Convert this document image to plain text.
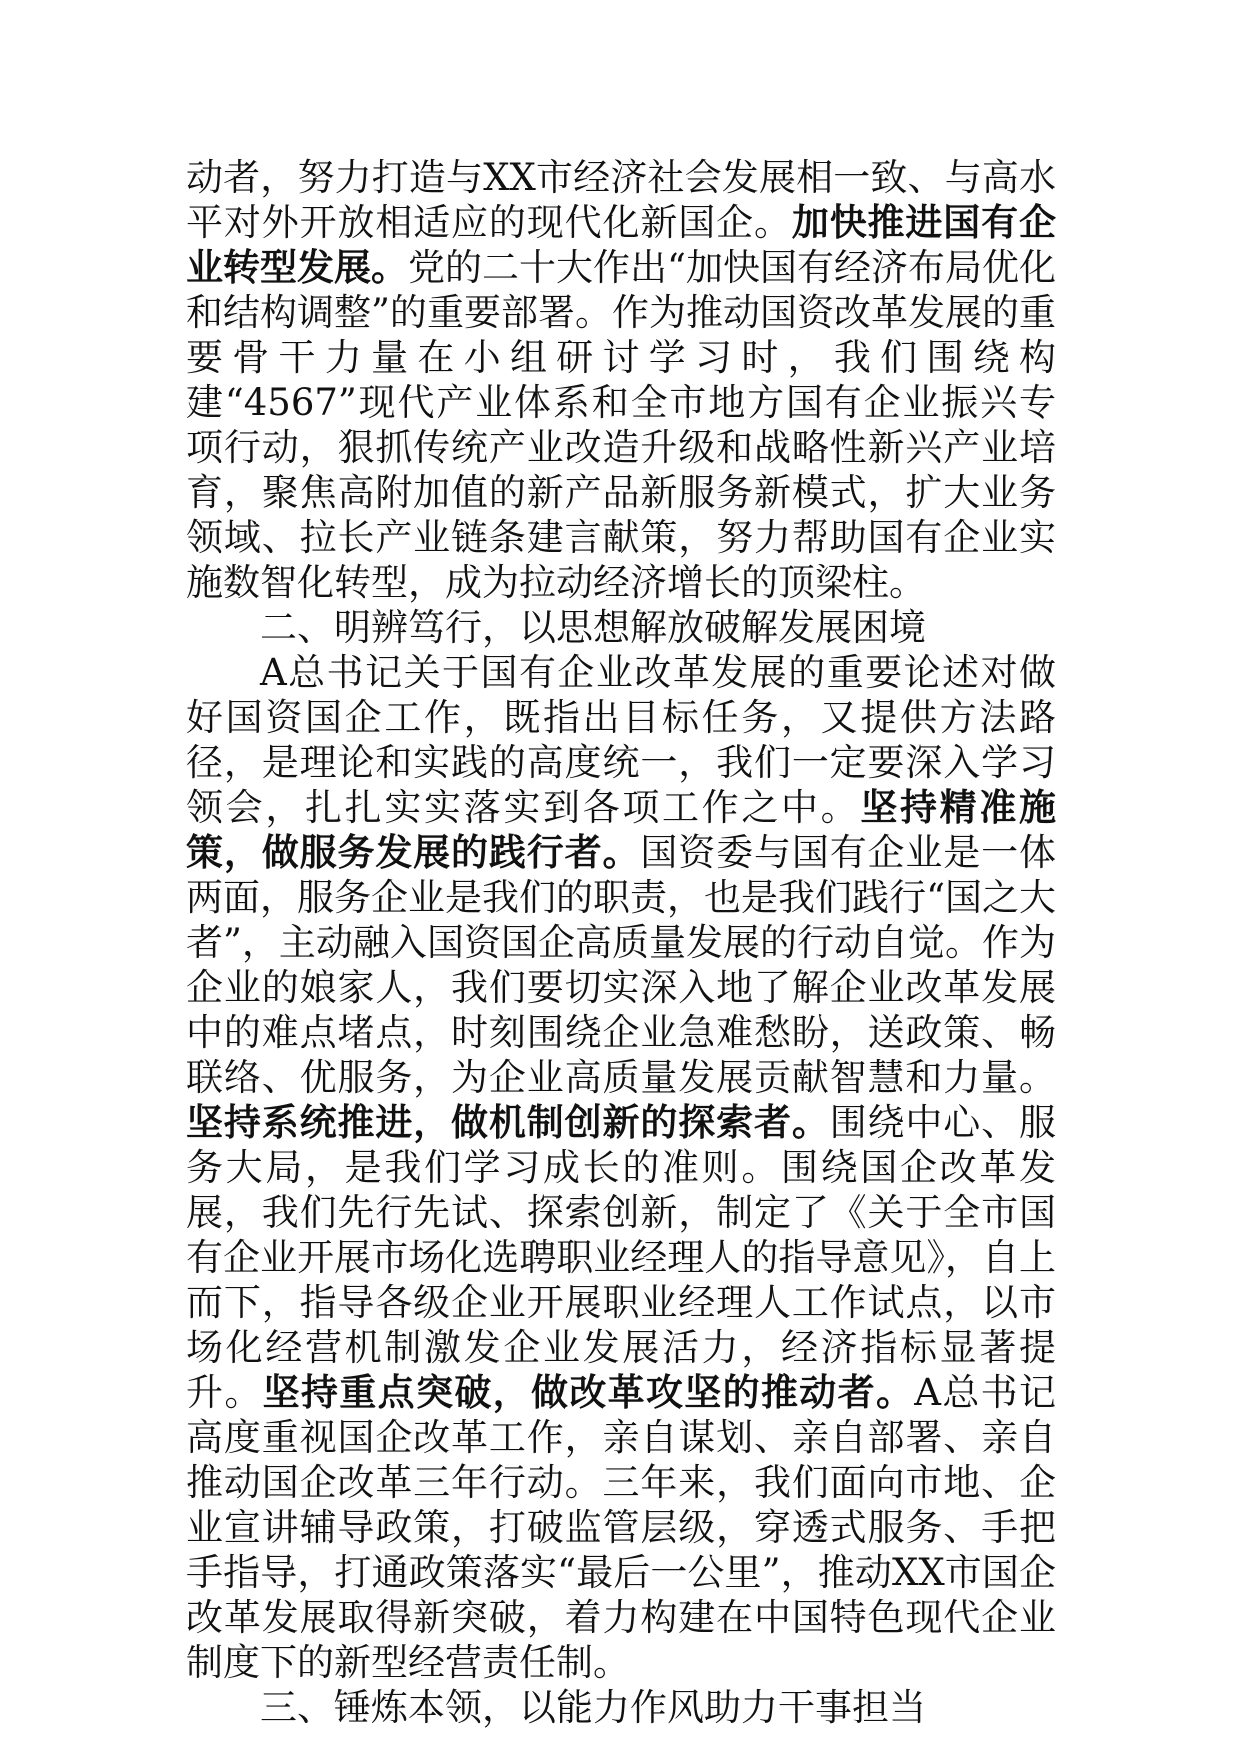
动者，努力打造与XX市经济社会发展相一致、与高水平对外开放相适应的现代化新国企。加快推进国有企业转型发展。党的二十大作出“加快国有经济布局优化和结构调整”的重要部署。作为推动国资改革发展的重要骨干力量在小组研讨学习时，我们围绕构建“4567”现代产业体系和全市地方国有企业振兴专项行动，狠抓传统产业改造升级和战略性新兴产业培育，聚焦高附加值的新产品新服务新模式，扩大业务领域、拉长产业链条建言献策，努力帮助国有企业实施数智化转型，成为拉动经济增长的顶梁柱。

二、明辨笃行，以思想解放破解发展困境

A总书记关于国有企业改革发展的重要论述对做好国资国企工作，既指出目标任务，又提供方法路径，是理论和实践的高度统一，我们一定要深入学习领会，扎扎实实落实到各项工作之中。坚持精准施策，做服务发展的践行者。国资委与国有企业是一体两面，服务企业是我们的职责，也是我们践行“国之大者”，主动融入国资国企高质量发展的行动自觉。作为企业的娘家人，我们要切实深入地了解企业改革发展中的难点堵点，时刻围绕企业急难愁盼，送政策、畅联络、优服务，为企业高质量发展贡献智慧和力量。坚持系统推进，做机制创新的探索者。围绕中心、服务大局，是我们学习成长的准则。围绕国企改革发展，我们先行先试、探索创新，制定了《关于全市国有企业开展市场化选聘职业经理人的指导意见》，自上而下，指导各级企业开展职业经理人工作试点，以市场化经营机制激发企业发展活力，经济指标显著提升。坚持重点突破，做改革攻坚的推动者。A总书记高度重视国企改革工作，亲自谋划、亲自部署、亲自推动国企改革三年行动。三年来，我们面向市地、企业宣讲辅导政策，打破监管层级，穿透式服务、手把手指导，打通政策落实“最后一公里”，推动XX市国企改革发展取得新突破，着力构建在中国特色现代企业制度下的新型经营责任制。

三、锤炼本领，以能力作风助力干事担当
